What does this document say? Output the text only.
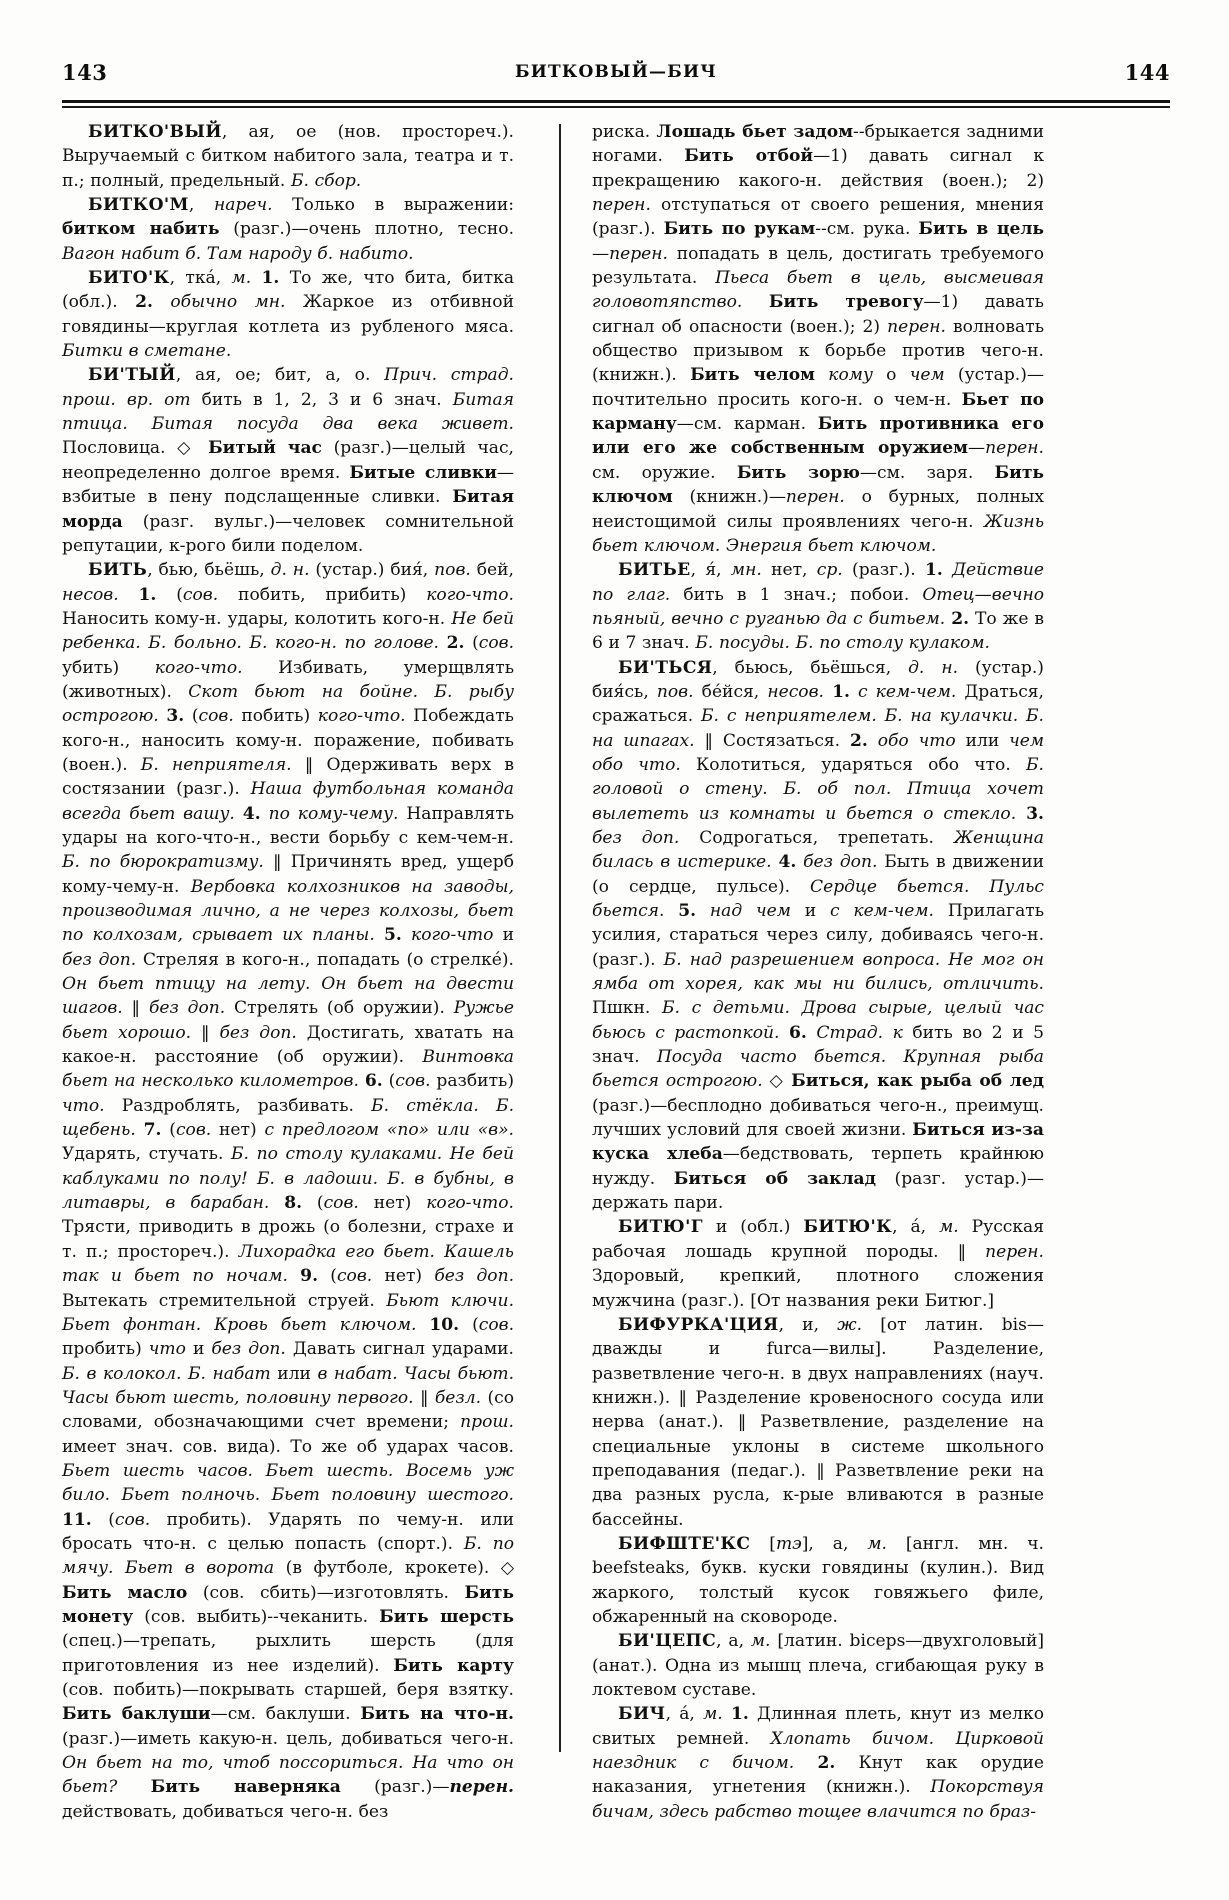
143	БИТКОВЫЙ—БИЧ	144

БИТКО'ВЫЙ, ая, ое (нов. простореч.). Выручаемый с битком набитого зала, театра и т. п.; полный, предельный. Б. сбор.

БИТКО'М, нареч. Только в выражении: битком набить (разг.)—очень плотно, тесно. Вагон набит б. Там народу б. набито.

БИТО'К, ткá, м. 1. То же, что бита, битка (обл.). 2. обычно мн. Жаркое из отбивной говядины—круглая котлета из рубленого мяса. Битки в сметане.

БИ'ТЫЙ, ая, ое; бит, а, о. Прич. страд. прош. вр. от бить в 1, 2, 3 и 6 знач. Битая птица. Битая посуда два века живет. Пословица. ◇ Битый час (разг.)—целый час, неопределенно долгое время. Битые сливки—взбитые в пену подслащенные сливки. Битая морда (разг. вульг.)—человек сомнительной репутации, к-рого били поделом.

БИТЬ, бью, бьёшь, д. н. (устар.) бия́, пов. бей, несов. 1. (сов. побить, прибить) кого-что. Наносить кому-н. удары, колотить кого-н. Не бей ребенка. Б. больно. Б. кого-н. по голове. 2. (сов. убить) кого-что. Избивать, умерщвлять (животных). Скот бьют на бойне. Б. рыбу острогою. 3. (сов. побить) кого-что. Побеждать кого-н., наносить кому-н. поражение, побивать (воен.). Б. неприятеля. ‖ Одерживать верх в состязании (разг.). Наша футбольная команда всегда бьет вашу. 4. по кому-чему. Направлять удары на кого-что-н., вести борьбу с кем-чем-н. Б. по бюрократизму. ‖ Причинять вред, ущерб кому-чему-н. Вербовка колхозников на заводы, производимая лично, а не через колхозы, бьет по колхозам, срывает их планы. 5. кого-что и без доп. Стреляя в кого-н., попадать (о стрелкé). Он бьет птицу на лету. Он бьет на двести шагов. ‖ без доп. Стрелять (об оружии). Ружье бьет хорошо. ‖ без доп. Достигать, хватать на какое-н. расстояние (об оружии). Винтовка бьет на несколько километров. 6. (сов. разбить) что. Раздроблять, разбивать. Б. стёкла. Б. щебень. 7. (сов. нет) с предлогом «по» или «в». Ударять, стучать. Б. по столу кулаками. Не бей каблуками по полу! Б. в ладоши. Б. в бубны, в литавры, в барабан. 8. (сов. нет) кого-что. Трясти, приводить в дрожь (о болезни, страхе и т. п.; простореч.). Лихорадка его бьет. Кашель так и бьет по ночам. 9. (сов. нет) без доп. Вытекать стремительной струей. Бьют ключи. Бьет фонтан. Кровь бьет ключом. 10. (сов. пробить) что и без доп. Давать сигнал ударами. Б. в колокол. Б. набат или в набат. Часы бьют. Часы бьют шесть, половину первого. ‖ безл. (со словами, обозначающими счет времени; прош. имеет знач. сов. вида). То же об ударах часов. Бьет шесть часов. Бьет шесть. Восемь уж било. Бьет полночь. Бьет половину шестого. 11. (сов. пробить). Ударять по чему-н. или бросать что-н. с целью попасть (спорт.). Б. по мячу. Бьет в ворота (в футболе, крокете). ◇ Бить масло (сов. сбить)—изготовлять. Бить монету (сов. выбить)--чеканить. Бить шерсть (спец.)—трепать, рыхлить шерсть (для приготовления из нее изделий). Бить карту (сов. побить)—покрывать старшей, беря взятку. Бить баклуши—см. баклуши. Бить на что-н. (разг.)—иметь какую-н. цель, добиваться чего-н. Он бьет на то, чтоб поссориться. На что он бьет? Бить наверняка (разг.)—перен. действовать, добиваться чего-н. без

риска. Лошадь бьет задом--брыкается задними ногами. Бить отбой—1) давать сигнал к прекращению какого-н. действия (воен.); 2) перен. отступаться от своего решения, мнения (разг.). Бить по рукам--см. рука. Бить в цель—перен. попадать в цель, достигать требуемого результата. Пьеса бьет в цель, высмеивая головотяпство. Бить тревогу—1) давать сигнал об опасности (воен.); 2) перен. волновать общество призывом к борьбе против чего-н. (книжн.). Бить челом кому о чем (устар.)—почтительно просить кого-н. о чем-н. Бьет по карману—см. карман. Бить противника его или его же собственным оружием—перен. см. оружие. Бить зорю—см. заря. Бить ключом (книжн.)—перен. о бурных, полных неистощимой силы проявлениях чего-н. Жизнь бьет ключом. Энергия бьет ключом.

БИТЬЕ, я́, мн. нет, ср. (разг.). 1. Действие по глаг. бить в 1 знач.; побои. Отец—вечно пьяный, вечно с руганью да с битьем. 2. То же в 6 и 7 знач. Б. посуды. Б. по столу кулаком.

БИ'ТЬСЯ, бьюсь, бьёшься, д. н. (устар.) бия́сь, пов. бе́йся, несов. 1. с кем-чем. Драться, сражаться. Б. с неприятелем. Б. на кулачки. Б. на шпагах. ‖ Состязаться. 2. обо что или чем обо что. Колотиться, ударяться обо что. Б. головой о стену. Б. об пол. Птица хочет вылететь из комнаты и бьется о стекло. 3. без доп. Содрогаться, трепетать. Женщина билась в истерике. 4. без доп. Быть в движении (о сердце, пульсе). Сердце бьется. Пульс бьется. 5. над чем и с кем-чем. Прилагать усилия, стараться через силу, добиваясь чего-н. (разг.). Б. над разрешением вопроса. Не мог он ямба от хорея, как мы ни бились, отличить. Пшкн. Б. с детьми. Дрова сырые, целый час бьюсь с растопкой. 6. Страд. к бить во 2 и 5 знач. Посуда часто бьется. Крупная рыба бьется острогою. ◇ Биться, как рыба об лед (разг.)—бесплодно добиваться чего-н., преимущ. лучших условий для своей жизни. Биться из-за куска хлеба—бедствовать, терпеть крайнюю нужду. Биться об заклад (разг. устар.)—держать пари.

БИТЮ'Г и (обл.) БИТЮ'К, á, м. Русская рабочая лошадь крупной породы. ‖ перен. Здоровый, крепкий, плотного сложения мужчина (разг.). [От названия реки Битюг.]

БИФУРКА'ЦИЯ, и, ж. [от латин. bis—дважды и furca—вилы]. Разделение, разветвление чего-н. в двух направлениях (науч. книжн.). ‖ Разделение кровеносного сосуда или нерва (анат.). ‖ Разветвление, разделение на специальные уклоны в системе школьного преподавания (педаг.). ‖ Разветвление реки на два разных русла, к-рые вливаются в разные бассейны.

БИФШТЕ'КС [тэ], а, м. [англ. мн. ч. beefsteaks, букв. куски говядины (кулин.). Вид жаркого, толстый кусок говяжьего филе, обжаренный на сковороде.

БИ'ЦЕПС, а, м. [латин. biceps—двухголовый] (анат.). Одна из мышц плеча, сгибающая руку в локтевом суставе.

БИЧ, á, м. 1. Длинная плеть, кнут из мелко свитых ремней. Хлопать бичом. Цирковой наездник с бичом. 2. Кнут как орудие наказания, угнетения (книжн.). Покорствуя бичам, здесь рабство тощее влачится по браз-
